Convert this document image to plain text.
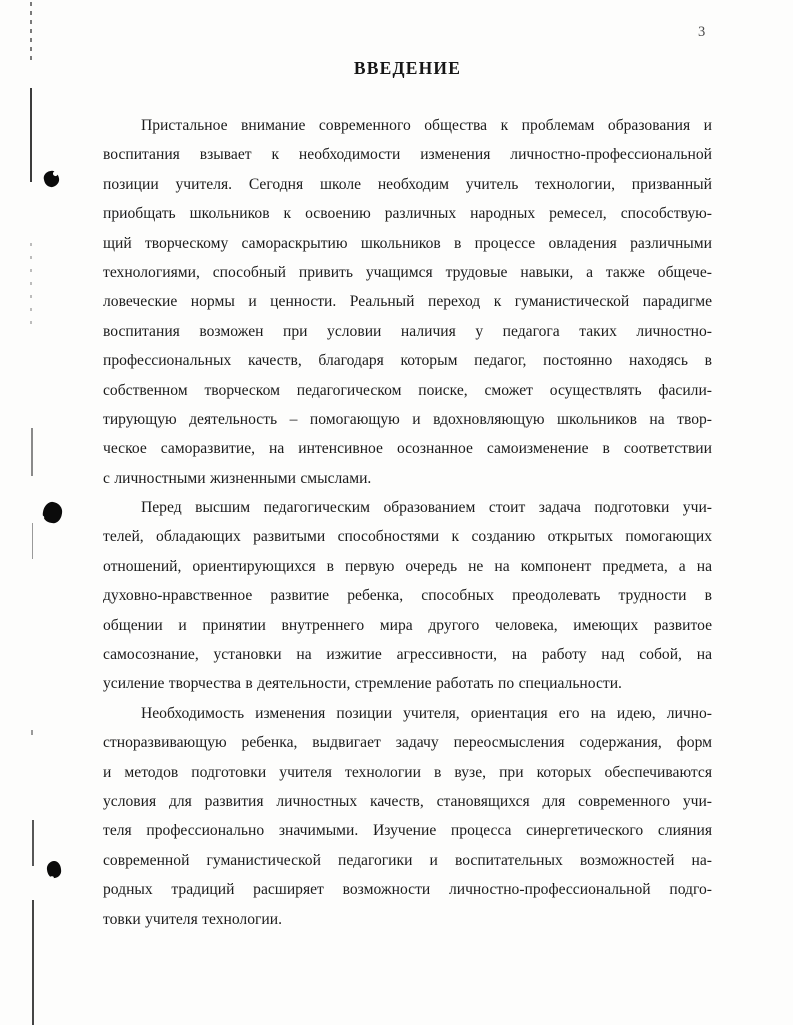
3
ВВЕДЕНИЕ
Пристальное внимание современного общества к проблемам образования и
воспитания взывает к необходимости изменения личностно-профессиональной
позиции учителя. Сегодня школе необходим учитель технологии, призванный
приобщать школьников к освоению различных народных ремесел, способствую-
щий творческому самораскрытию школьников в процессе овладения различными
технологиями, способный привить учащимся трудовые навыки, а также общече-
ловеческие нормы и ценности. Реальный переход к гуманистической парадигме
воспитания возможен при условии наличия у педагога таких личностно-
профессиональных качеств, благодаря которым педагог, постоянно находясь в
собственном творческом педагогическом поиске, сможет осуществлять фасили-
тирующую деятельность – помогающую и вдохновляющую школьников на твор-
ческое саморазвитие, на интенсивное осознанное самоизменение в соответствии
с личностными жизненными смыслами.
Перед высшим педагогическим образованием стоит задача подготовки учи-
телей, обладающих развитыми способностями к созданию открытых помогающих
отношений, ориентирующихся в первую очередь не на компонент предмета, а на
духовно-нравственное развитие ребенка, способных преодолевать трудности в
общении и принятии внутреннего мира другого человека, имеющих развитое
самосознание, установки на изжитие агрессивности, на работу над собой, на
усиление творчества в деятельности, стремление работать по специальности.
Необходимость изменения позиции учителя, ориентация его на идею, лично-
стноразвивающую ребенка, выдвигает задачу переосмысления содержания, форм
и методов подготовки учителя технологии в вузе, при которых обеспечиваются
условия для развития личностных качеств, становящихся для современного учи-
теля профессионально значимыми. Изучение процесса синергетического слияния
современной гуманистической педагогики и воспитательных возможностей на-
родных традиций расширяет возможности личностно-профессиональной подго-
товки учителя технологии.
